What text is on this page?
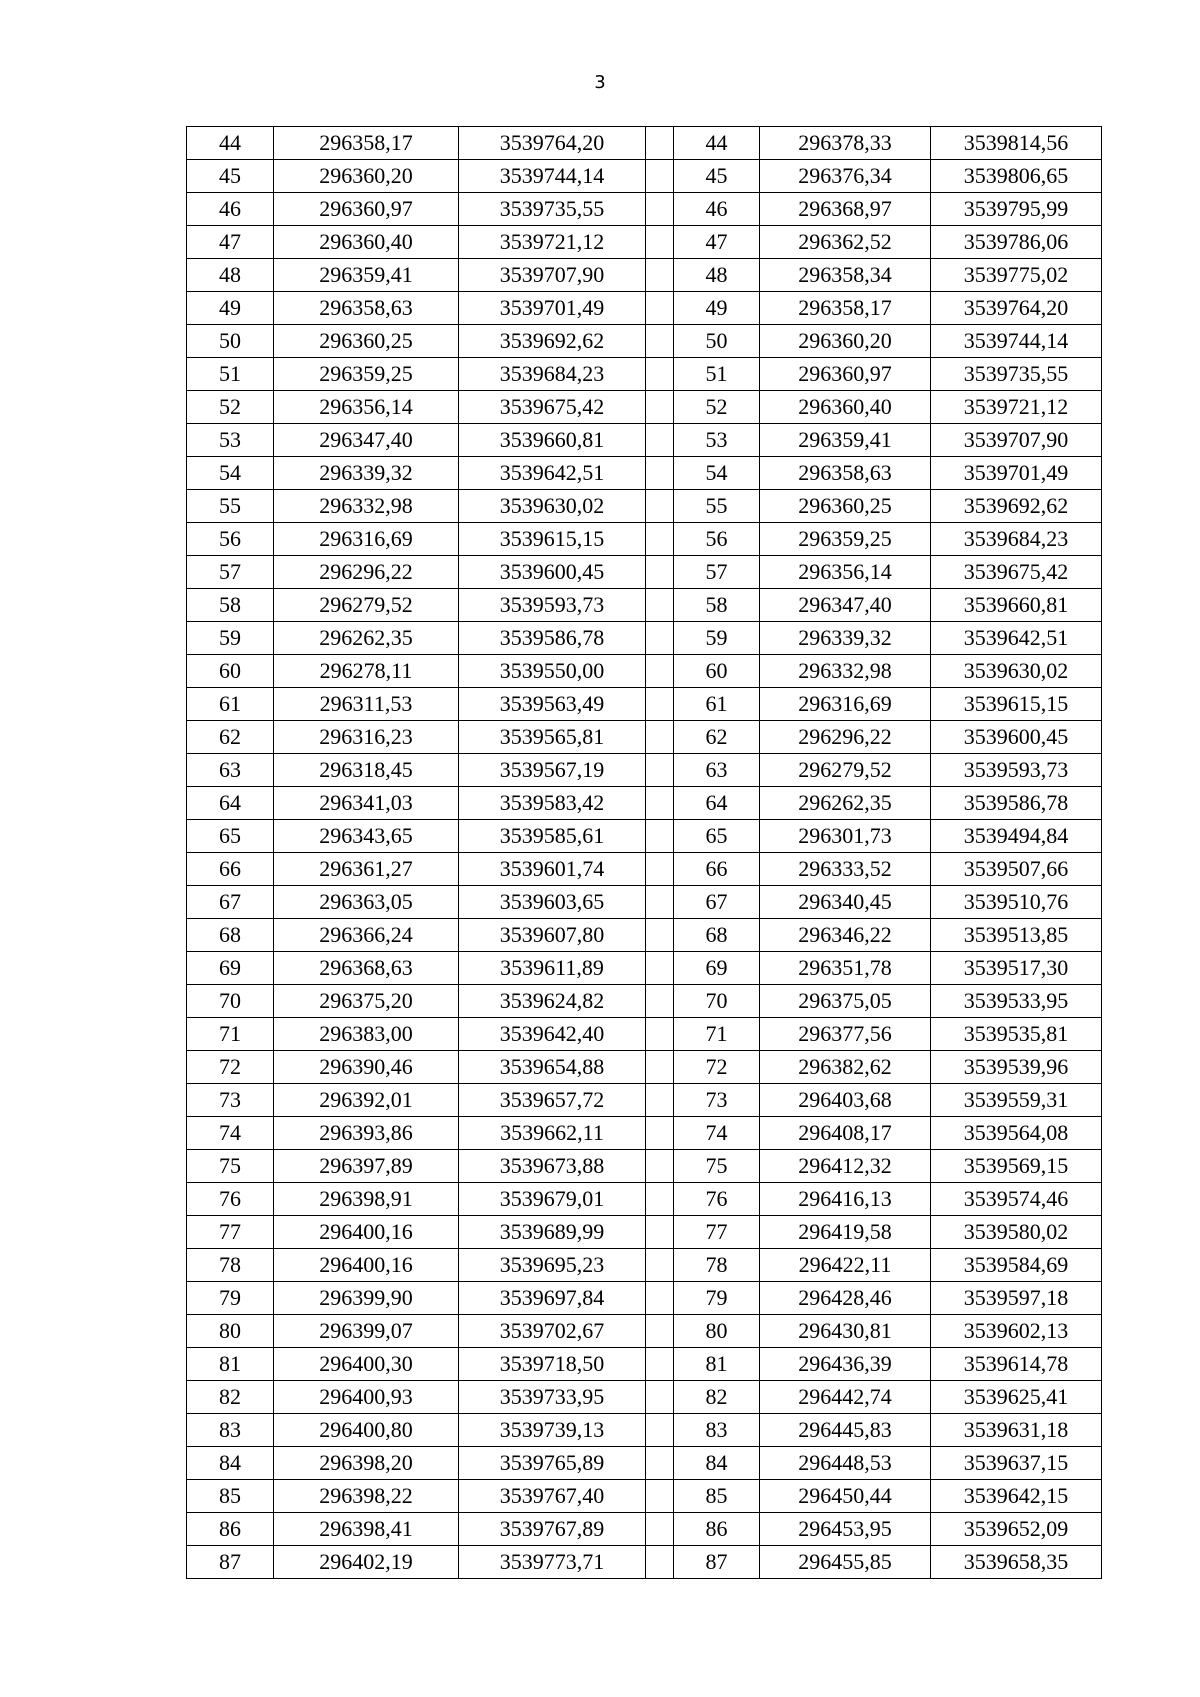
3
44	296358,17	3539764,20		44	296378,33	3539814,56
45	296360,20	3539744,14		45	296376,34	3539806,65
46	296360,97	3539735,55		46	296368,97	3539795,99
47	296360,40	3539721,12		47	296362,52	3539786,06
48	296359,41	3539707,90		48	296358,34	3539775,02
49	296358,63	3539701,49		49	296358,17	3539764,20
50	296360,25	3539692,62		50	296360,20	3539744,14
51	296359,25	3539684,23		51	296360,97	3539735,55
52	296356,14	3539675,42		52	296360,40	3539721,12
53	296347,40	3539660,81		53	296359,41	3539707,90
54	296339,32	3539642,51		54	296358,63	3539701,49
55	296332,98	3539630,02		55	296360,25	3539692,62
56	296316,69	3539615,15		56	296359,25	3539684,23
57	296296,22	3539600,45		57	296356,14	3539675,42
58	296279,52	3539593,73		58	296347,40	3539660,81
59	296262,35	3539586,78		59	296339,32	3539642,51
60	296278,11	3539550,00		60	296332,98	3539630,02
61	296311,53	3539563,49		61	296316,69	3539615,15
62	296316,23	3539565,81		62	296296,22	3539600,45
63	296318,45	3539567,19		63	296279,52	3539593,73
64	296341,03	3539583,42		64	296262,35	3539586,78
65	296343,65	3539585,61		65	296301,73	3539494,84
66	296361,27	3539601,74		66	296333,52	3539507,66
67	296363,05	3539603,65		67	296340,45	3539510,76
68	296366,24	3539607,80		68	296346,22	3539513,85
69	296368,63	3539611,89		69	296351,78	3539517,30
70	296375,20	3539624,82		70	296375,05	3539533,95
71	296383,00	3539642,40		71	296377,56	3539535,81
72	296390,46	3539654,88		72	296382,62	3539539,96
73	296392,01	3539657,72		73	296403,68	3539559,31
74	296393,86	3539662,11		74	296408,17	3539564,08
75	296397,89	3539673,88		75	296412,32	3539569,15
76	296398,91	3539679,01		76	296416,13	3539574,46
77	296400,16	3539689,99		77	296419,58	3539580,02
78	296400,16	3539695,23		78	296422,11	3539584,69
79	296399,90	3539697,84		79	296428,46	3539597,18
80	296399,07	3539702,67		80	296430,81	3539602,13
81	296400,30	3539718,50		81	296436,39	3539614,78
82	296400,93	3539733,95		82	296442,74	3539625,41
83	296400,80	3539739,13		83	296445,83	3539631,18
84	296398,20	3539765,89		84	296448,53	3539637,15
85	296398,22	3539767,40		85	296450,44	3539642,15
86	296398,41	3539767,89		86	296453,95	3539652,09
87	296402,19	3539773,71		87	296455,85	3539658,35
